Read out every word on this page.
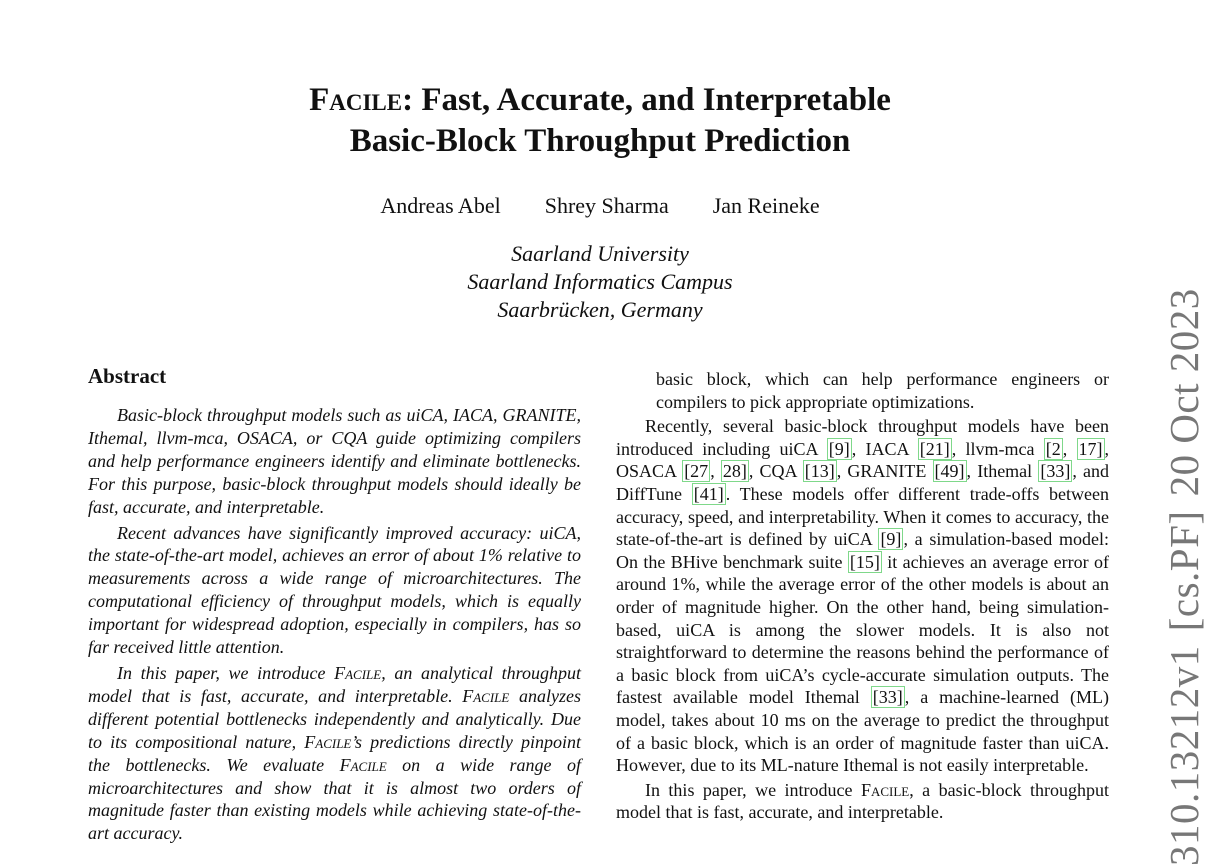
Facile: Fast, Accurate, and Interpretable
Basic-Block Throughput Prediction
Andreas Abel Shrey Sharma Jan Reineke
Saarland University
Saarland Informatics Campus
Saarbrücken, Germany
Abstract

Basic-block throughput models such as uiCA, IACA, GRANITE, Ithemal, llvm-mca, OSACA, or CQA guide optimizing compilers and help performance engineers identify and eliminate bottlenecks. For this purpose, basic-block throughput models should ideally be fast, accurate, and interpretable.

Recent advances have significantly improved accuracy: uiCA, the state-of-the-art model, achieves an error of about 1% relative to measurements across a wide range of microarchitectures. The computational efficiency of throughput models, which is equally important for widespread adoption, especially in compilers, has so far received little attention.

In this paper, we introduce Facile, an analytical throughput model that is fast, accurate, and interpretable. Facile analyzes different potential bottlenecks independently and analytically. Due to its compositional nature, Facile’s predictions directly pinpoint the bottlenecks. We evaluate Facile on a wide range of microarchitectures and show that it is almost two orders of magnitude faster than existing models while achieving state-of-the-art accuracy.

basic block, which can help performance engineers or compilers to pick appropriate optimizations.

Recently, several basic-block throughput models have been introduced including uiCA [9] , IACA [21] , llvm-mca [2 , 17] , OSACA [27 , 28] , CQA [13] , GRANITE [49] , Ithemal [33] , and DiffTune [41] . These models offer different trade-offs between accuracy, speed, and interpretability. When it comes to accuracy, the state-of-the-art is defined by uiCA [9] , a simulation-based model: On the BHive benchmark suite [15] it achieves an average error of around 1%, while the average error of the other models is about an order of magnitude higher. On the other hand, being simulation-based, uiCA is among the slower models. It is also not straightforward to determine the reasons behind the performance of a basic block from uiCA’s cycle-accurate simulation outputs. The fastest available model Ithemal [33] , a machine-learned (ML) model, takes about 10 ms on the average to predict the throughput of a basic block, which is an order of magnitude faster than uiCA. However, due to its ML-nature Ithemal is not easily interpretable.

In this paper, we introduce Facile, a basic-block throughput model that is fast, accurate, and interpretable.	310.13212v1[cs.PF]20 Oct 2023
